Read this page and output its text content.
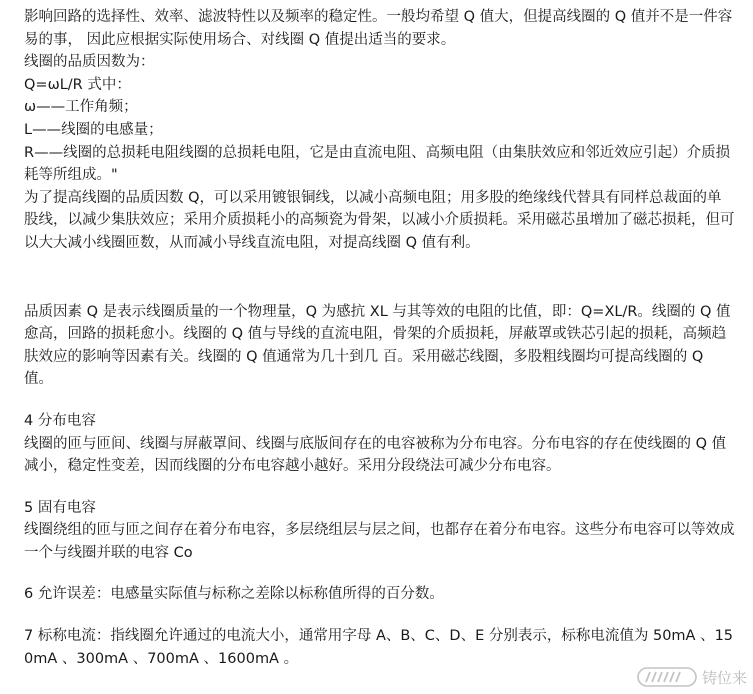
影响回路的选择性、效率、滤波特性以及频率的稳定性。一般均希望 Q 值大，但提高线圈的 Q 值并不是一件容易的事， 因此应根据实际使用场合、对线圈 Q 值提出适当的要求。

线圈的品质因数为：

Q=ωL/R 式中：

ω——工作角频；

L——线圈的电感量；

R——线圈的总损耗电阻线圈的总损耗电阻，它是由直流电阻、高频电阻（由集肤效应和邻近效应引起）介质损 耗等所组成。"

为了提高线圈的品质因数 Q，可以采用镀银铜线，以减小高频电阻；用多股的绝缘线代替具有同样总裁面的单股线，以减少集肤效应；采用介质损耗小的高频瓷为骨架，以减小介质损耗。采用磁芯虽增加了磁芯损耗，但可以大大减小线圈匝数，从而减小导线直流电阻，对提高线圈 Q 值有利。

品质因素 Q 是表示线圈质量的一个物理量，Q 为感抗 XL 与其等效的电阻的比值，即：Q=XL/R。线圈的 Q 值 愈高，回路的损耗愈小。线圈的 Q 值与导线的直流电阻，骨架的介质损耗，屏蔽罩或铁芯引起的损耗，高频趋肤效应的影响等因素有关。线圈的 Q 值通常为几十到几 百。采用磁芯线圈，多股粗线圈均可提高线圈的 Q 值。

4 分布电容

线圈的匝与匝间、线圈与屏蔽罩间、线圈与底版间存在的电容被称为分布电容。分布电容的存在使线圈的 Q 值减小，稳定性变差，因而线圈的分布电容越小越好。采用分段绕法可减少分布电容。

5 固有电容

线圈绕组的匝与匝之间存在着分布电容，多层绕组层与层之间，也都存在着分布电容。这些分布电容可以等效成一个与线圈并联的电容 Co

6 允许误差：电感量实际值与标称之差除以标称值所得的百分数。

7 标称电流：指线圈允许通过的电流大小，通常用字母 A、B、C、D、E 分别表示，标称电流值为 50mA 、150mA 、300mA 、700mA 、1600mA 。

铸位来
